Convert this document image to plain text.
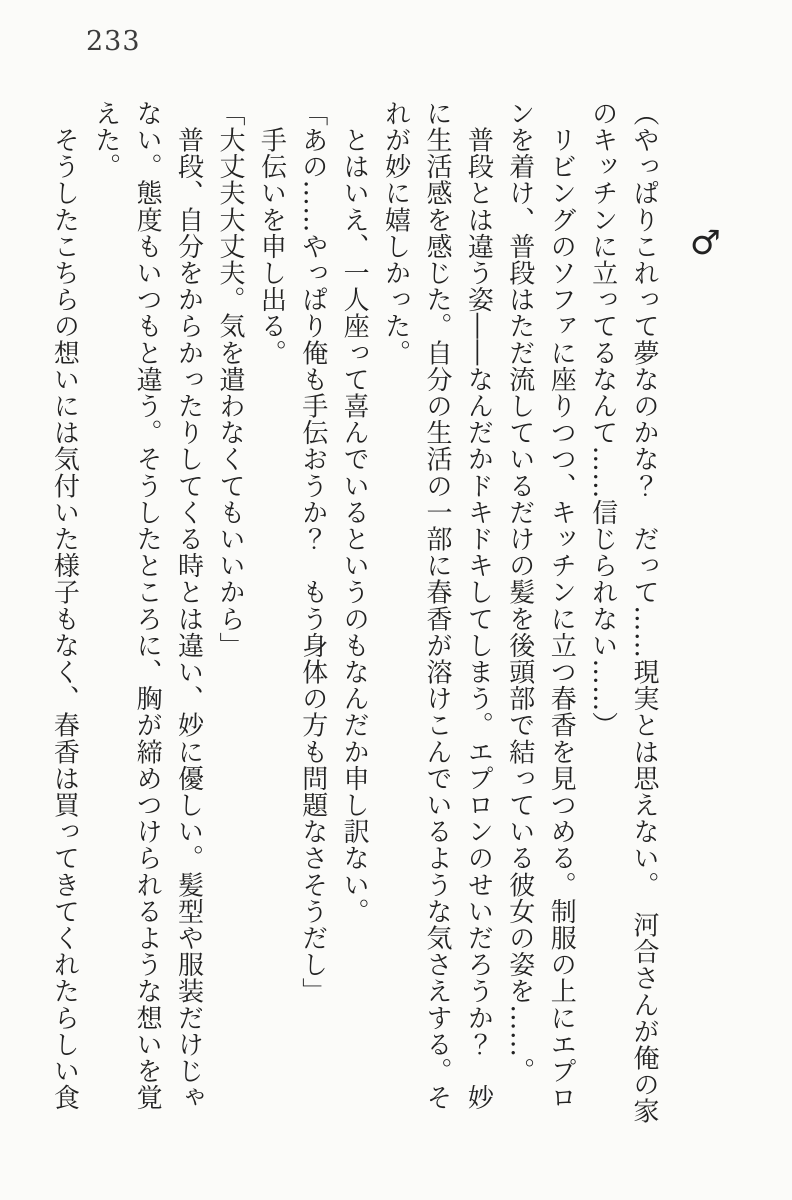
233
♂

（やっぱりこれって夢なのかな？　だって……現実とは思えない。　河合さんが俺の家

のキッチンに立ってるなんて……信じられない……）

　リビングのソファに座りつつ、キッチンに立つ春香を見つめる。制服の上にエプロ

ンを着け、普段はただ流しているだけの髪を後頭部で結っている彼女の姿を……。

　普段とは違う姿――なんだかドキドキしてしまう。エプロンのせいだろうか？　妙

に生活感を感じた。自分の生活の一部に春香が溶けこんでいるような気さえする。そ

れが妙に嬉しかった。

　とはいえ、一人座って喜んでいるというのもなんだか申し訳ない。

「あの……やっぱり俺も手伝おうか？　もう身体の方も問題なさそうだし」

　手伝いを申し出る。

「大丈夫大丈夫。気を遣わなくてもいいから」

　普段、自分をからかったりしてくる時とは違い、妙に優しい。髪型や服装だけじゃ

ない。態度もいつもと違う。そうしたところに、胸が締めつけられるような想いを覚

えた。

　そうしたこちらの想いには気付いた様子もなく、春香は買ってきてくれたらしい食
